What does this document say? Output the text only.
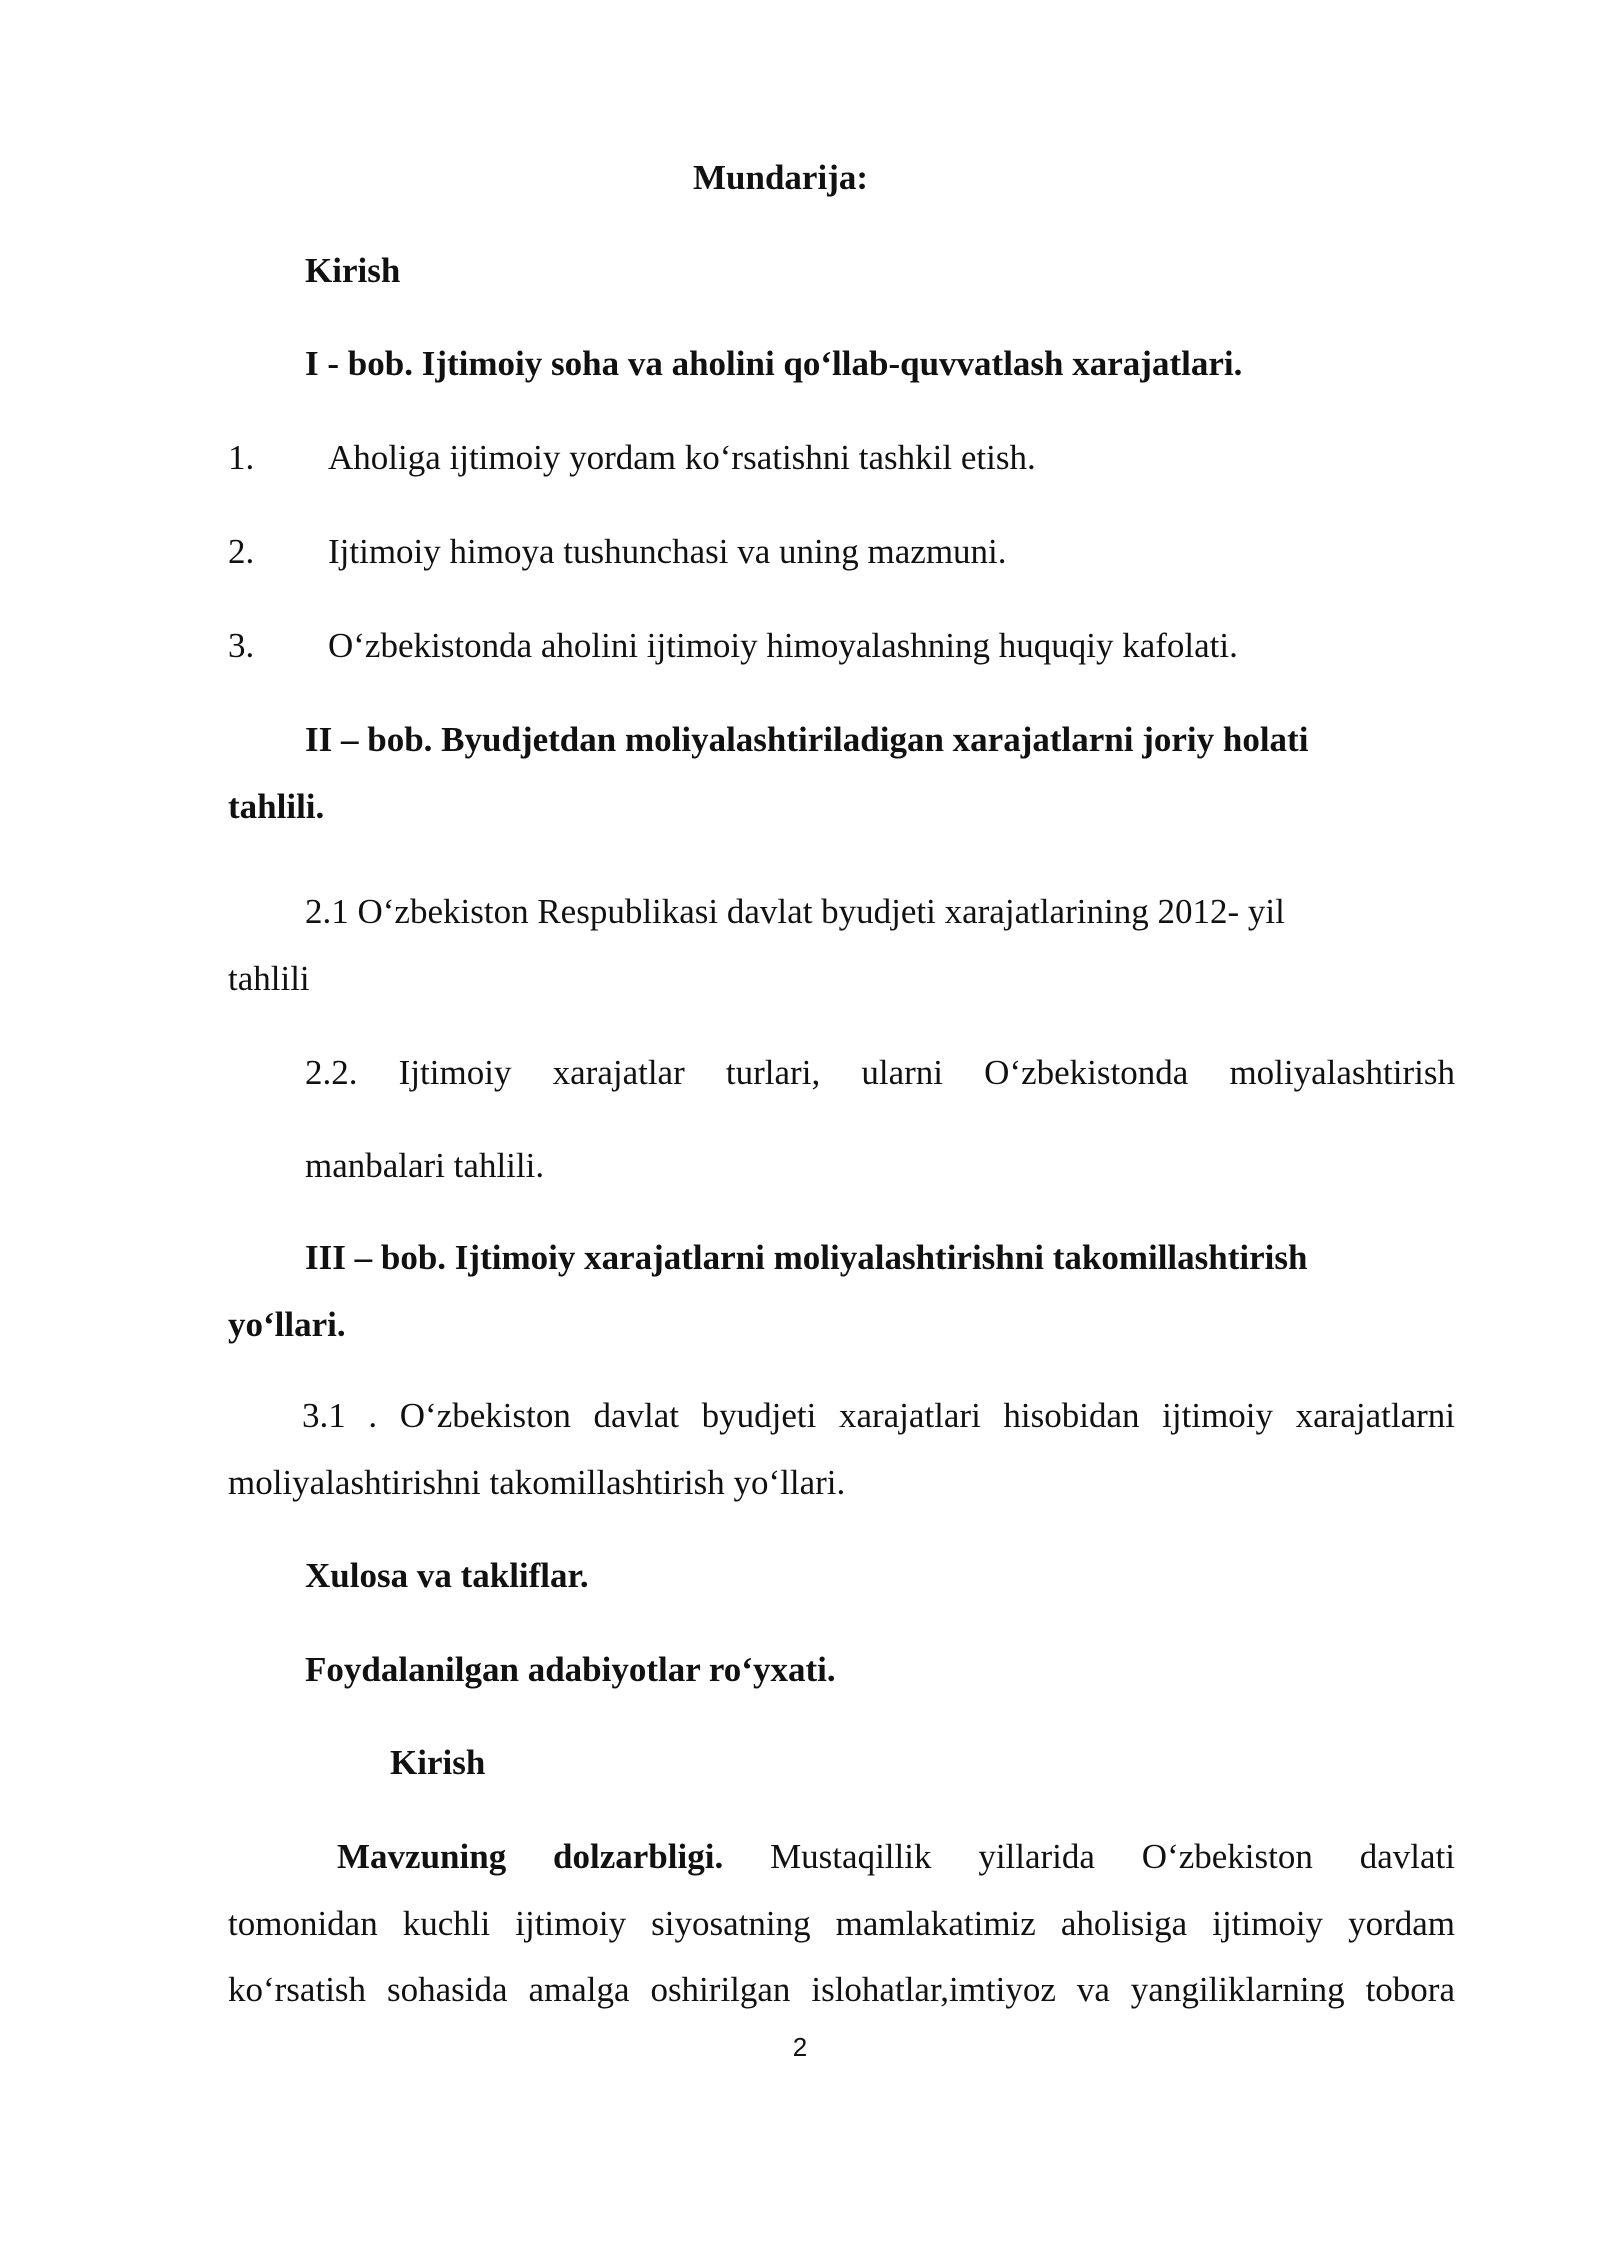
Mundarija:
Kirish
I - bob. Ijtimoiy soha va aholini qo‘llab-quvvatlash xarajatlari.
1. Aholiga ijtimoiy yordam ko‘rsatishni tashkil etish.
2. Ijtimoiy himoya tushunchasi va uning mazmuni.
3. O‘zbekistonda aholini ijtimoiy himoyalashning huquqiy kafolati.
II – bob. Byudjetdan moliyalashtiriladigan xarajatlarni joriy holati
tahlili.
2.1 O‘zbekiston Respublikasi davlat byudjeti xarajatlarining 2012- yil
tahlili
2.2. Ijtimoiy xarajatlar turlari, ularni O‘zbekistonda moliyalashtirish
manbalari tahlili.
III – bob. Ijtimoiy xarajatlarni moliyalashtirishni takomillashtirish
yo‘llari.
3.1 . O‘zbekiston davlat byudjeti xarajatlari hisobidan ijtimoiy xarajatlarni
moliyalashtirishni takomillashtirish yo‘llari.
Xulosa va takliflar.
Foydalanilgan adabiyotlar ro‘yxati.
Kirish
Mavzuning dolzarbligi. Mustaqillik yillarida O‘zbekiston davlati
tomonidan kuchli ijtimoiy siyosatning mamlakatimiz aholisiga ijtimoiy yordam
ko‘rsatish sohasida amalga oshirilgan islohatlar,imtiyoz va yangiliklarning tobora
2
